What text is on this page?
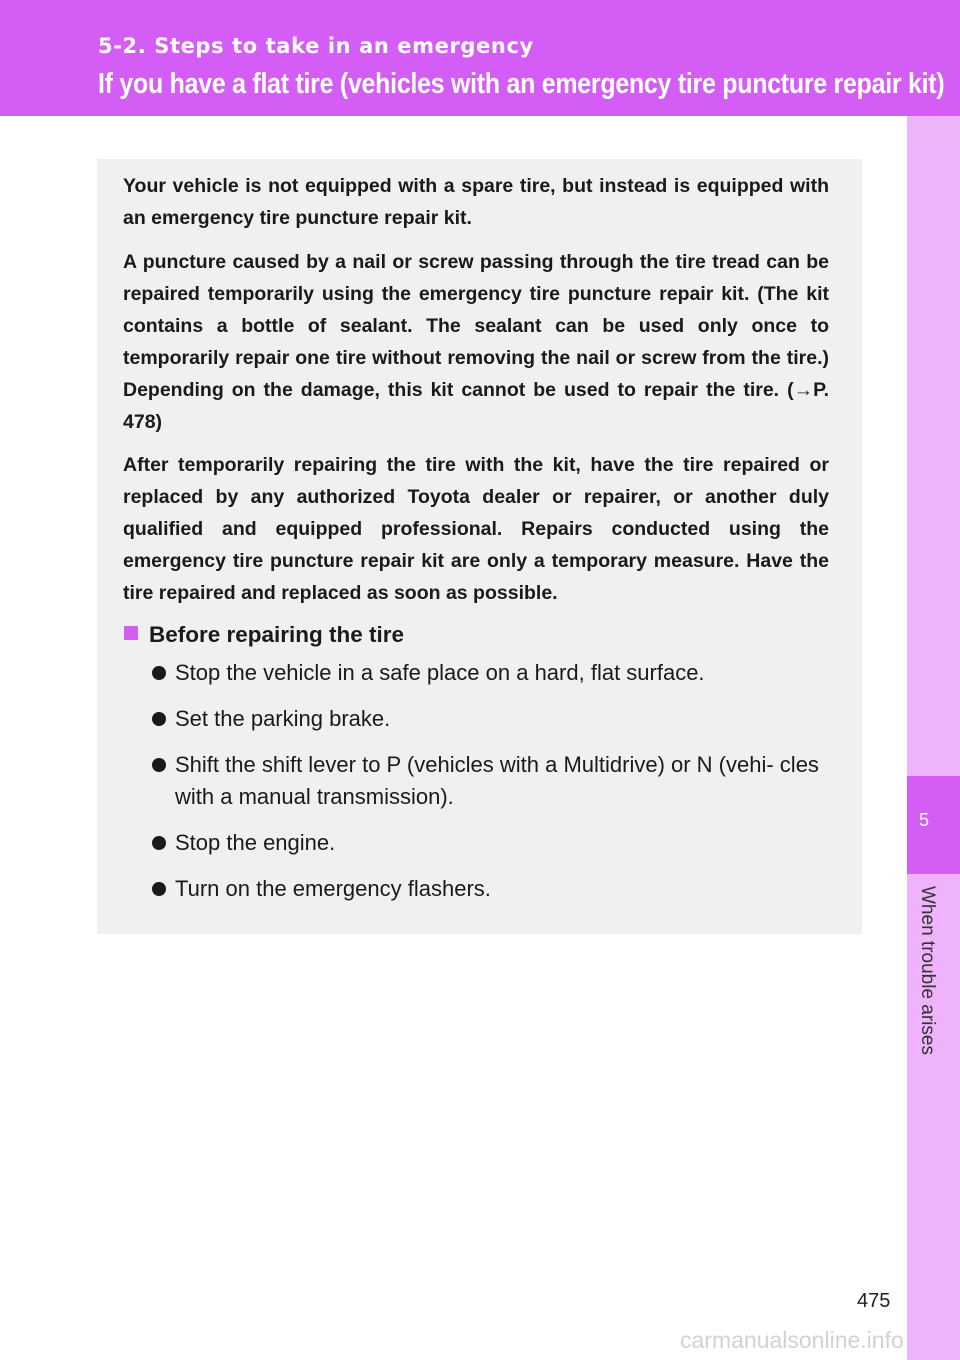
5-2. Steps to take in an emergency
If you have a flat tire (vehicles with an emergency tire puncture repair kit)
5
When trouble arises

Your vehicle is not equipped with a spare tire, but instead is equipped with an emergency tire puncture repair kit.

A puncture caused by a nail or screw passing through the tire tread can be repaired temporarily using the emergency tire puncture repair kit. (The kit contains a bottle of sealant. The sealant can be used only once to temporarily repair one tire without removing the nail or screw from the tire.) Depending on the damage, this kit cannot be used to repair the tire. (→P. 478)

After temporarily repairing the tire with the kit, have the tire repaired or replaced by any authorized Toyota dealer or repairer, or another duly qualified and equipped professional. Repairs conducted using the emergency tire puncture repair kit are only a temporary measure. Have the tire repaired and replaced as soon as possible.

Before repairing the tire
Stop the vehicle in a safe place on a hard, flat surface.
Set the parking brake.
Shift the shift lever to P (vehicles with a Multidrive) or N (vehi- cles with a manual transmission).
Stop the engine.
Turn on the emergency flashers.
475
carmanualsonline.info
